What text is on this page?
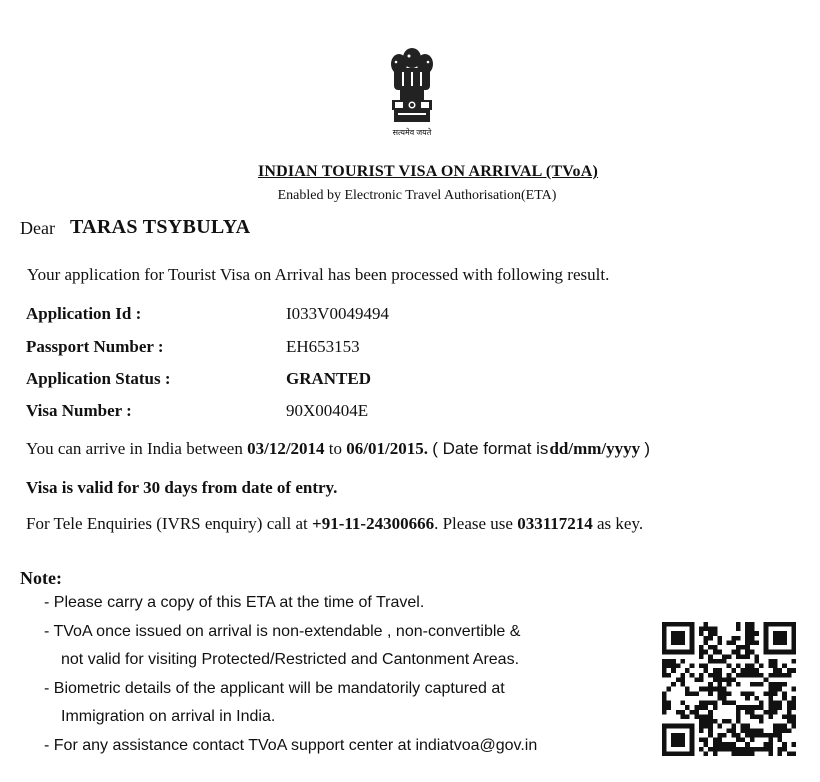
सत्यमेव जयते
INDIAN TOURIST VISA ON ARRIVAL (TVoA)
Enabled by Electronic Travel Authorisation(ETA)
Dear TARAS TSYBULYA
Your application for Tourist Visa on Arrival has been processed with following result.
Application Id :	I033V0049494
Passport Number :	EH653153
Application Status :	GRANTED
Visa Number :	90X00404E
You can arrive in India between 03/12/2014 to 06/01/2015. ( Date format isdd/mm/yyyy )
Visa is valid for 30 days from date of entry.
For Tele Enquiries (IVRS enquiry) call at +91-11-24300666. Please use 033117214 as key.
Note:
- Please carry a copy of this ETA at the time of Travel.
- TVoA once issued on arrival is non-extendable , non-convertible &
not valid for visiting Protected/Restricted and Cantonment Areas.
- Biometric details of the applicant will be mandatorily captured at
Immigration on arrival in India.
- For any assistance contact TVoA support center at indiatvoa@gov.in
